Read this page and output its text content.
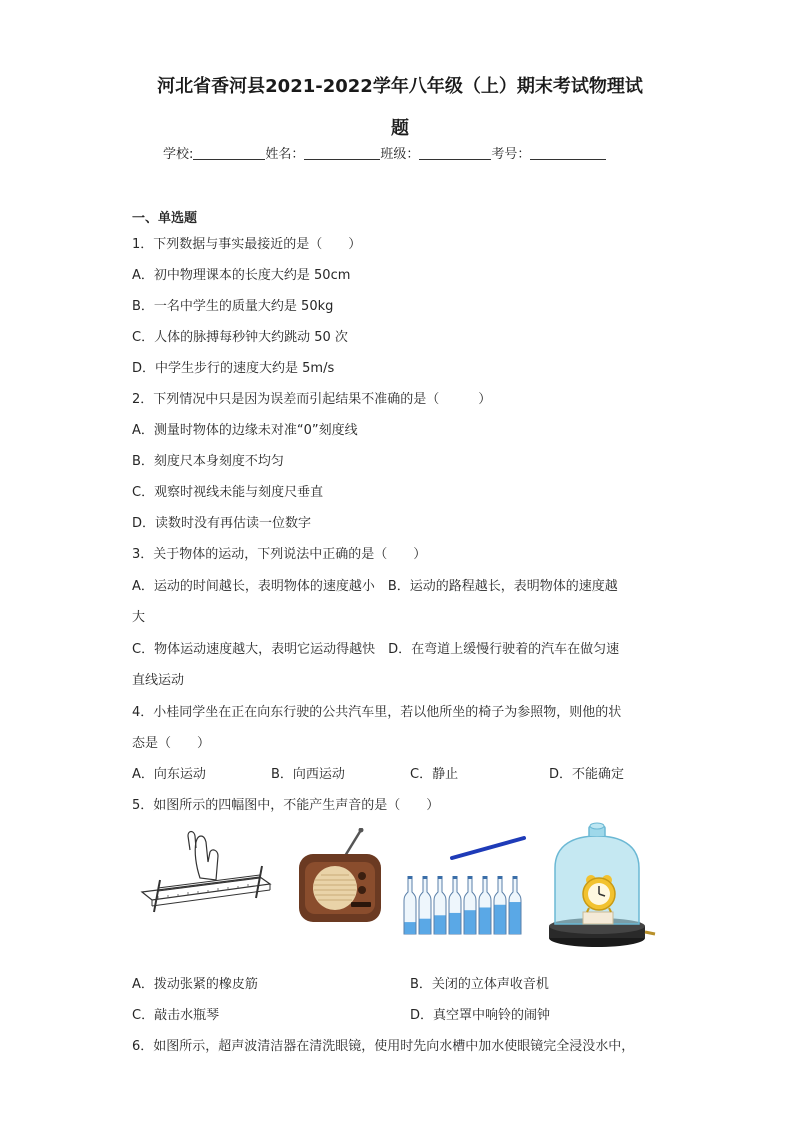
河北省香河县2021-2022学年八年级（上）期末考试物理试
题
学校:	姓名：	班级：	考号：
一、单选题
1．下列数据与事实最接近的是（　　）
A．初中物理课本的长度大约是 50cm
B．一名中学生的质量大约是 50kg
C．人体的脉搏每秒钟大约跳动 50 次
D．中学生步行的速度大约是 5m/s
2．下列情况中只是因为误差而引起结果不准确的是（　　　）
A．测量时物体的边缘未对准“0”刻度线
B．刻度尺本身刻度不均匀
C．观察时视线未能与刻度尺垂直
D．读数时没有再估读一位数字
3．关于物体的运动，下列说法中正确的是（　　）
A．运动的时间越长，表明物体的速度越小　B．运动的路程越长，表明物体的速度越
大
C．物体运动速度越大，表明它运动得越快　D．在弯道上缓慢行驶着的汽车在做匀速
直线运动
4．小桂同学坐在正在向东行驶的公共汽车里，若以他所坐的椅子为参照物，则他的状
态是（　　）
A．向东运动	B．向西运动	C．静止	D．不能确定
5．如图所示的四幅图中，不能产生声音的是（　　）
A．拨动张紧的橡皮筋	B．关闭的立体声收音机
C．敲击水瓶琴	D．真空罩中响铃的闹钟
6．如图所示，超声波清洁器在清洗眼镜，使用时先向水槽中加水使眼镜完全浸没水中，
